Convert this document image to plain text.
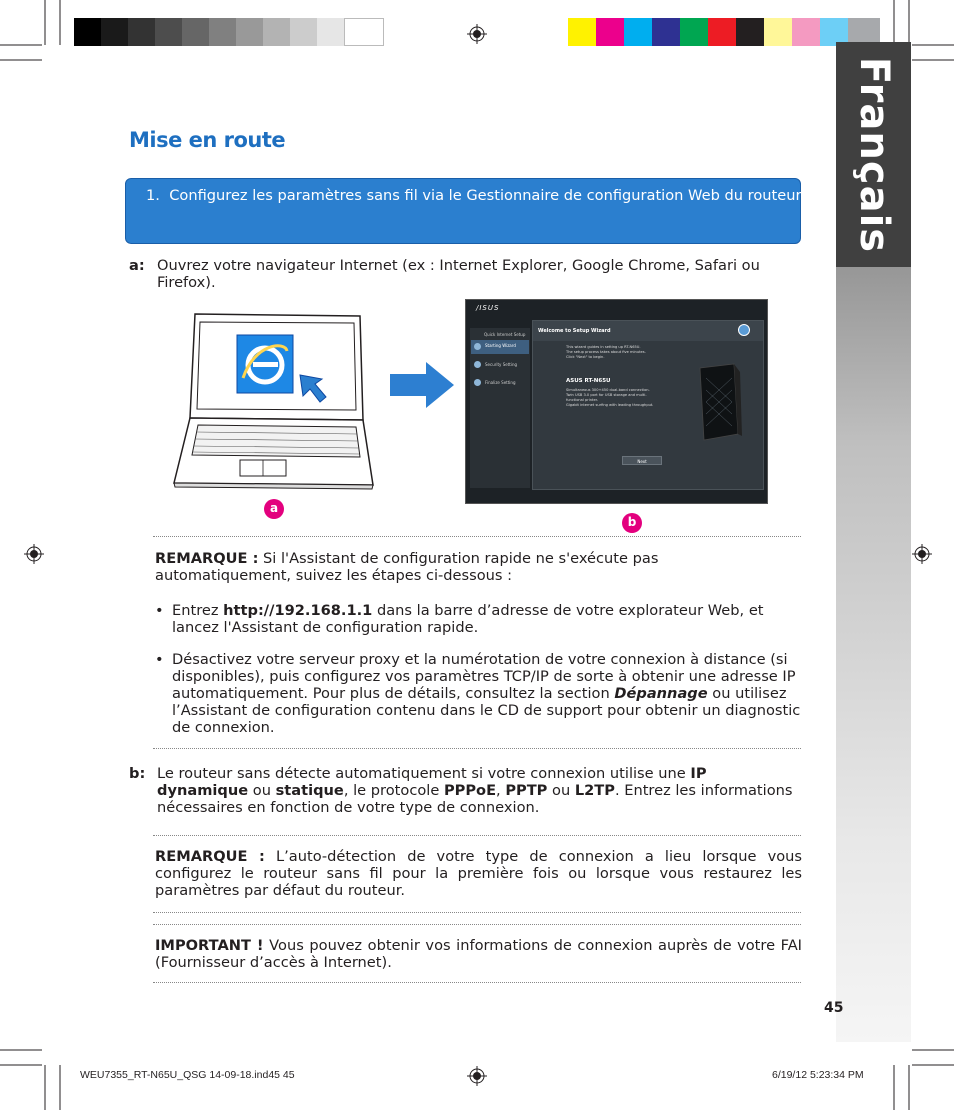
Français
Mise en route
1.  Configurez les paramètres sans fil via le Gestionnaire de configuration Web du routeur.
a: Ouvrez votre navigateur Internet (ex : Internet Explorer, Google Chrome, Safari ou Firefox).
/ISUS
Quick Internet Setup
Starting Wizard
Security Setting
Finalize Setting
Welcome to Setup Wizard
This wizard guides in setting up RT-N65U.
The setup process takes about five minutes.
Click "Next" to begin.
ASUS RT-N65U
Simultaneous 300+450 dual-band connection.
Twin USB 3.0 port for USB storage and multi-
functional printer.
Gigabit internet surfing with leading throughput.
Next
a
b
REMARQUE : Si l'Assistant de configuration rapide ne s'exécute pas automatiquement, suivez les étapes ci-dessous :
• Entrez http://192.168.1.1 dans la barre d’adresse de votre explorateur Web, et lancez l'Assistant de configuration rapide.
• Désactivez votre serveur proxy et la numérotation de votre connexion à distance (si disponibles), puis configurez vos paramètres TCP/IP de sorte à obtenir une adresse IP automatiquement. Pour plus de détails, consultez la section Dépannage ou utilisez l’Assistant de configuration contenu dans le CD de support pour obtenir un diagnostic de connexion.
b: Le routeur sans détecte automatiquement si votre connexion utilise une IP dynamique ou statique, le protocole PPPoE, PPTP ou L2TP. Entrez les informations nécessaires en fonction de votre type de connexion.
REMARQUE : L’auto-détection de votre type de connexion a lieu lorsque vous configurez le routeur sans fil pour la première fois ou lorsque vous restaurez les paramètres par défaut du routeur.
IMPORTANT ! Vous pouvez obtenir vos informations de connexion auprès de votre FAI (Fournisseur d’accès à Internet).
45
WEU7355_RT-N65U_QSG 14-09-18.ind45 45	6/19/12 5:23:34 PM
